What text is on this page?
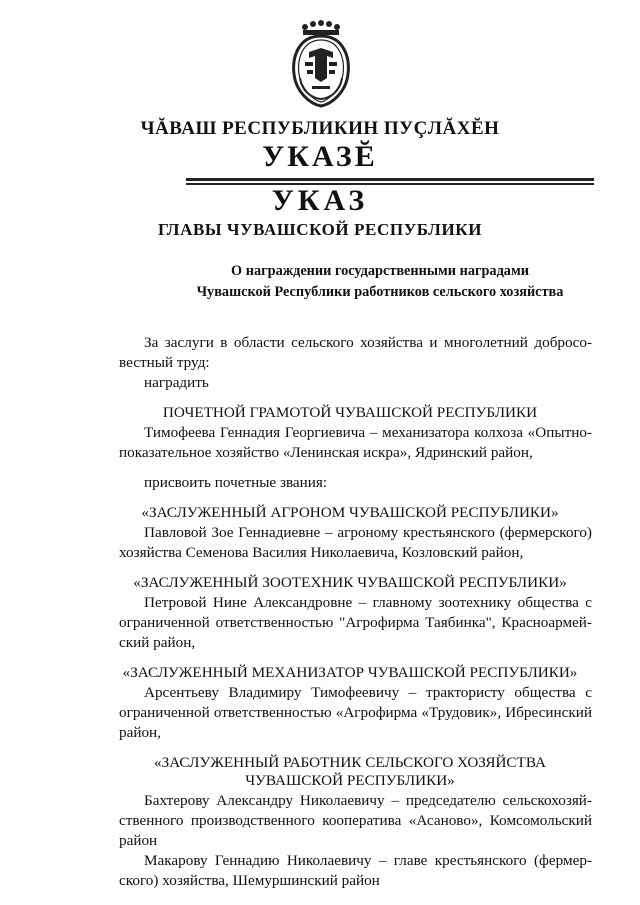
ЧĂВАШ РЕСПУБЛИКИН ПУÇЛĂХĔН
УКАЗĔ
УКАЗ
ГЛАВЫ ЧУВАШСКОЙ РЕСПУБЛИКИ
О награждении государственными наградами
Чувашской Республики работников сельского хозяйства
За заслуги в области сельского хозяйства и многолетний доброcо-
вестный труд:
наградить
ПОЧЕТНОЙ ГРАМОТОЙ ЧУВАШСКОЙ РЕСПУБЛИКИ
Тимофеева Геннадия Георгиевича – механизатора колхоза «Опытно-
показательное хозяйство «Ленинская искра», Ядринский район,
присвоить почетные звания:
«ЗАСЛУЖЕННЫЙ АГРОНОМ ЧУВАШСКОЙ РЕСПУБЛИКИ»
Павловой Зое Геннадиевне – агроному крестьянского (фермерского)
хозяйства Семенова Василия Николаевича, Козловский район,
«ЗАСЛУЖЕННЫЙ ЗООТЕХНИК ЧУВАШСКОЙ РЕСПУБЛИКИ»
Петровой Нине Александровне – главному зоотехнику общества с
ограниченной ответственностью "Агрофирма Таябинка", Красноармей-
ский район,
«ЗАСЛУЖЕННЫЙ МЕХАНИЗАТОР ЧУВАШСКОЙ РЕСПУБЛИКИ»
Арсентьеву Владимиру Тимофеевичу – трактористу общества с
ограниченной ответственностью «Агрофирма «Трудовик», Ибресинский
район,
«ЗАСЛУЖЕННЫЙ РАБОТНИК СЕЛЬСКОГО ХОЗЯЙСТВА
ЧУВАШСКОЙ РЕСПУБЛИКИ»
Бахтерову Александру Николаевичу – председателю сельскохозяй-
ственного производственного кооператива «Асаново», Комсомольский
район
Макарову Геннадию Николаевичу – главе крестьянского (фермер-
ского) хозяйства, Шемуршинский район
